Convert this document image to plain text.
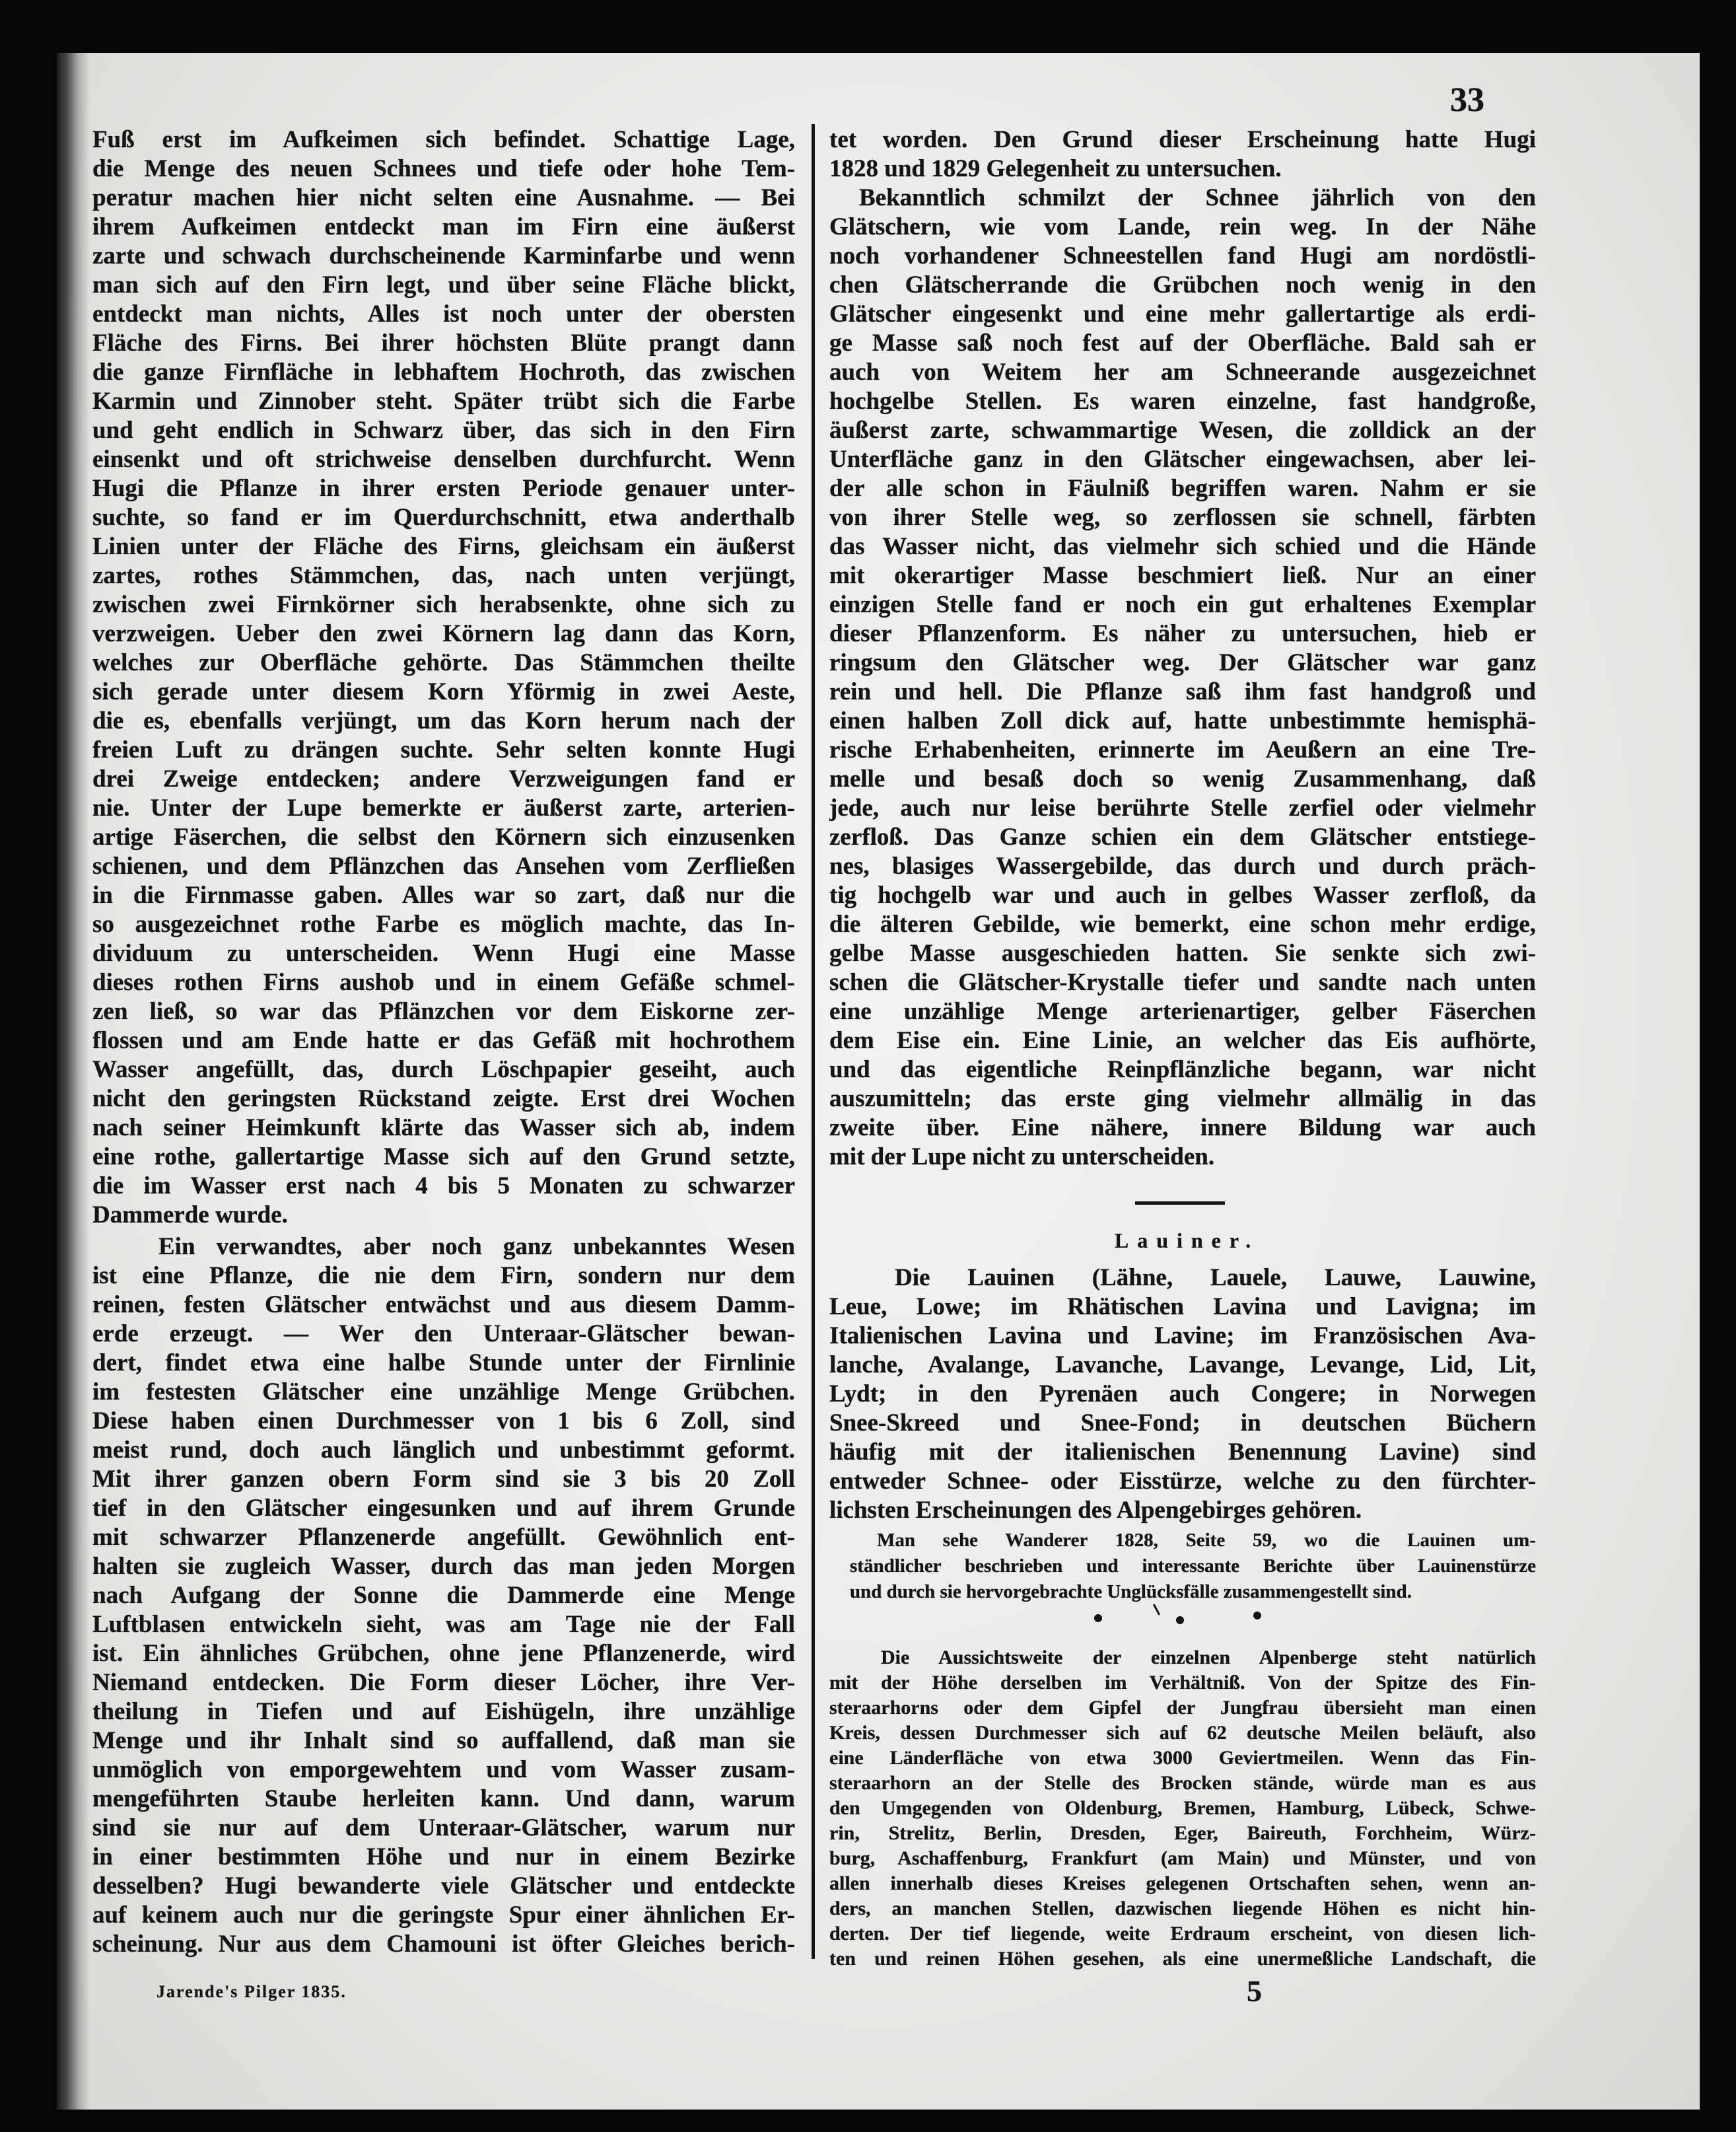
33
Fuß erst im Aufkeimen sich befindet. Schattige Lage,
die Menge des neuen Schnees und tiefe oder hohe Tem-
peratur machen hier nicht selten eine Ausnahme. — Bei
ihrem Aufkeimen entdeckt man im Firn eine äußerst
zarte und schwach durchscheinende Karminfarbe und wenn
man sich auf den Firn legt, und über seine Fläche blickt,
entdeckt man nichts, Alles ist noch unter der obersten
Fläche des Firns. Bei ihrer höchsten Blüte prangt dann
die ganze Firnfläche in lebhaftem Hochroth, das zwischen
Karmin und Zinnober steht. Später trübt sich die Farbe
und geht endlich in Schwarz über, das sich in den Firn
einsenkt und oft strichweise denselben durchfurcht. Wenn
Hugi die Pflanze in ihrer ersten Periode genauer unter-
suchte, so fand er im Querdurchschnitt, etwa anderthalb
Linien unter der Fläche des Firns, gleichsam ein äußerst
zartes, rothes Stämmchen, das, nach unten verjüngt,
zwischen zwei Firnkörner sich herabsenkte, ohne sich zu
verzweigen. Ueber den zwei Körnern lag dann das Korn,
welches zur Oberfläche gehörte. Das Stämmchen theilte
sich gerade unter diesem Korn Yförmig in zwei Aeste,
die es, ebenfalls verjüngt, um das Korn herum nach der
freien Luft zu drängen suchte. Sehr selten konnte Hugi
drei Zweige entdecken; andere Verzweigungen fand er
nie. Unter der Lupe bemerkte er äußerst zarte, arterien-
artige Fäserchen, die selbst den Körnern sich einzusenken
schienen, und dem Pflänzchen das Ansehen vom Zerfließen
in die Firnmasse gaben. Alles war so zart, daß nur die
so ausgezeichnet rothe Farbe es möglich machte, das In-
dividuum zu unterscheiden. Wenn Hugi eine Masse
dieses rothen Firns aushob und in einem Gefäße schmel-
zen ließ, so war das Pflänzchen vor dem Eiskorne zer-
flossen und am Ende hatte er das Gefäß mit hochrothem
Wasser angefüllt, das, durch Löschpapier geseiht, auch
nicht den geringsten Rückstand zeigte. Erst drei Wochen
nach seiner Heimkunft klärte das Wasser sich ab, indem
eine rothe, gallertartige Masse sich auf den Grund setzte,
die im Wasser erst nach 4 bis 5 Monaten zu schwarzer
Dammerde wurde.
Ein verwandtes, aber noch ganz unbekanntes Wesen
ist eine Pflanze, die nie dem Firn, sondern nur dem
reinen, festen Glätscher entwächst und aus diesem Damm-
erde erzeugt. — Wer den Unteraar-Glätscher bewan-
dert, findet etwa eine halbe Stunde unter der Firnlinie
im festesten Glätscher eine unzählige Menge Grübchen.
Diese haben einen Durchmesser von 1 bis 6 Zoll, sind
meist rund, doch auch länglich und unbestimmt geformt.
Mit ihrer ganzen obern Form sind sie 3 bis 20 Zoll
tief in den Glätscher eingesunken und auf ihrem Grunde
mit schwarzer Pflanzenerde angefüllt. Gewöhnlich ent-
halten sie zugleich Wasser, durch das man jeden Morgen
nach Aufgang der Sonne die Dammerde eine Menge
Luftblasen entwickeln sieht, was am Tage nie der Fall
ist. Ein ähnliches Grübchen, ohne jene Pflanzenerde, wird
Niemand entdecken. Die Form dieser Löcher, ihre Ver-
theilung in Tiefen und auf Eishügeln, ihre unzählige
Menge und ihr Inhalt sind so auffallend, daß man sie
unmöglich von emporgewehtem und vom Wasser zusam-
mengeführten Staube herleiten kann. Und dann, warum
sind sie nur auf dem Unteraar-Glätscher, warum nur
in einer bestimmten Höhe und nur in einem Bezirke
desselben? Hugi bewanderte viele Glätscher und entdeckte
auf keinem auch nur die geringste Spur einer ähnlichen Er-
scheinung. Nur aus dem Chamouni ist öfter Gleiches berich-
tet worden. Den Grund dieser Erscheinung hatte Hugi
1828 und 1829 Gelegenheit zu untersuchen.
Bekanntlich schmilzt der Schnee jährlich von den
Glätschern, wie vom Lande, rein weg. In der Nähe
noch vorhandener Schneestellen fand Hugi am nordöstli-
chen Glätscherrande die Grübchen noch wenig in den
Glätscher eingesenkt und eine mehr gallertartige als erdi-
ge Masse saß noch fest auf der Oberfläche. Bald sah er
auch von Weitem her am Schneerande ausgezeichnet
hochgelbe Stellen. Es waren einzelne, fast handgroße,
äußerst zarte, schwammartige Wesen, die zolldick an der
Unterfläche ganz in den Glätscher eingewachsen, aber lei-
der alle schon in Fäulniß begriffen waren. Nahm er sie
von ihrer Stelle weg, so zerflossen sie schnell, färbten
das Wasser nicht, das vielmehr sich schied und die Hände
mit okerartiger Masse beschmiert ließ. Nur an einer
einzigen Stelle fand er noch ein gut erhaltenes Exemplar
dieser Pflanzenform. Es näher zu untersuchen, hieb er
ringsum den Glätscher weg. Der Glätscher war ganz
rein und hell. Die Pflanze saß ihm fast handgroß und
einen halben Zoll dick auf, hatte unbestimmte hemisphä-
rische Erhabenheiten, erinnerte im Aeußern an eine Tre-
melle und besaß doch so wenig Zusammenhang, daß
jede, auch nur leise berührte Stelle zerfiel oder vielmehr
zerfloß. Das Ganze schien ein dem Glätscher entstiege-
nes, blasiges Wassergebilde, das durch und durch präch-
tig hochgelb war und auch in gelbes Wasser zerfloß, da
die älteren Gebilde, wie bemerkt, eine schon mehr erdige,
gelbe Masse ausgeschieden hatten. Sie senkte sich zwi-
schen die Glätscher-Krystalle tiefer und sandte nach unten
eine unzählige Menge arterienartiger, gelber Fäserchen
dem Eise ein. Eine Linie, an welcher das Eis aufhörte,
und das eigentliche Reinpflänzliche begann, war nicht
auszumitteln; das erste ging vielmehr allmälig in das
zweite über. Eine nähere, innere Bildung war auch
mit der Lupe nicht zu unterscheiden.
Lauiner.
Die Lauinen (Lähne, Lauele, Lauwe, Lauwine,
Leue, Lowe; im Rhätischen Lavina und Lavigna; im
Italienischen Lavina und Lavine; im Französischen Ava-
lanche, Avalange, Lavanche, Lavange, Levange, Lid, Lit,
Lydt; in den Pyrenäen auch Congere; in Norwegen
Snee-Skreed und Snee-Fond; in deutschen Büchern
häufig mit der italienischen Benennung Lavine) sind
entweder Schnee- oder Eisstürze, welche zu den fürchter-
lichsten Erscheinungen des Alpengebirges gehören.
Man sehe Wanderer 1828, Seite 59, wo die Lauinen um-
ständlicher beschrieben und interessante Berichte über Lauinenstürze
und durch sie hervorgebrachte Unglücksfälle zusammengestellt sind.
Die Aussichtsweite der einzelnen Alpenberge steht natürlich
mit der Höhe derselben im Verhältniß. Von der Spitze des Fin-
steraarhorns oder dem Gipfel der Jungfrau übersieht man einen
Kreis, dessen Durchmesser sich auf 62 deutsche Meilen beläuft, also
eine Länderfläche von etwa 3000 Geviertmeilen. Wenn das Fin-
steraarhorn an der Stelle des Brocken stände, würde man es aus
den Umgegenden von Oldenburg, Bremen, Hamburg, Lübeck, Schwe-
rin, Strelitz, Berlin, Dresden, Eger, Baireuth, Forchheim, Würz-
burg, Aschaffenburg, Frankfurt (am Main) und Münster, und von
allen innerhalb dieses Kreises gelegenen Ortschaften sehen, wenn an-
ders, an manchen Stellen, dazwischen liegende Höhen es nicht hin-
derten. Der tief liegende, weite Erdraum erscheint, von diesen lich-
ten und reinen Höhen gesehen, als eine unermeßliche Landschaft, die
Jarende's Pilger 1835.	5
